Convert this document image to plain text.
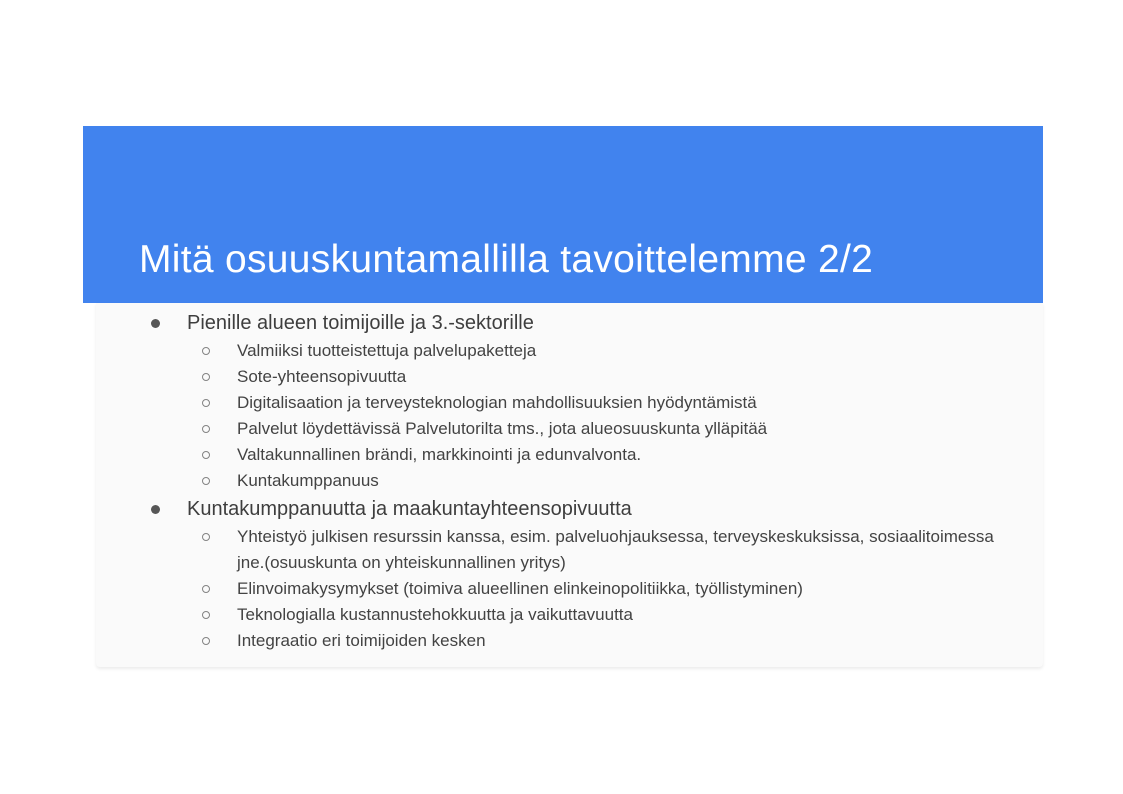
Mitä osuuskuntamallilla tavoittelemme 2/2
Pienille alueen toimijoille ja 3.-sektorille
Valmiiksi tuotteistettuja palvelupaketteja
Sote-yhteensopivuutta
Digitalisaation ja terveysteknologian mahdollisuuksien hyödyntämistä
Palvelut löydettävissä Palvelutorilta tms., jota alueosuuskunta ylläpitää
Valtakunnallinen brändi, markkinointi ja edunvalvonta.
Kuntakumppanuus
Kuntakumppanuutta ja maakuntayhteensopivuutta
Yhteistyö julkisen resurssin kanssa, esim. palveluohjauksessa, terveyskeskuksissa, sosiaalitoimessa jne.(osuuskunta on yhteiskunnallinen yritys)
Elinvoimakysymykset (toimiva alueellinen elinkeinopolitiikka, työllistyminen)
Teknologialla kustannustehokkuutta ja vaikuttavuutta
Integraatio eri toimijoiden kesken
